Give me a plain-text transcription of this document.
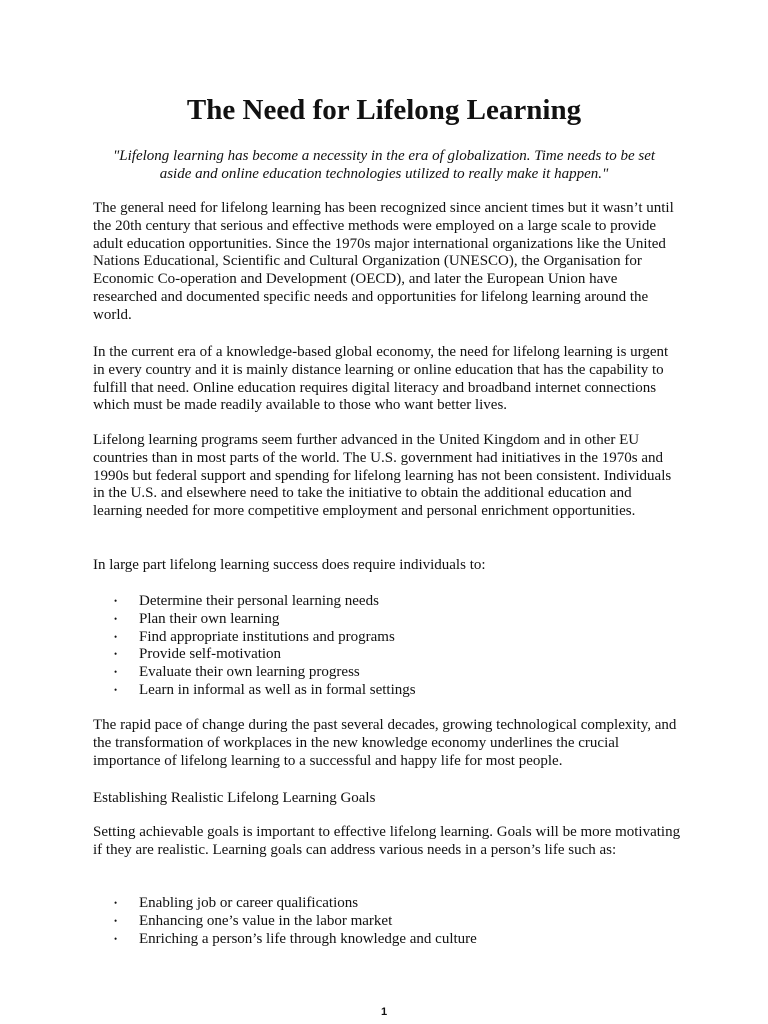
The Need for Lifelong Learning

"Lifelong learning has become a necessity in the era of globalization. Time needs to be set aside and online education technologies utilized to really make it happen."

The general need for lifelong learning has been recognized since ancient times but it wasn’t until the 20th century that serious and effective methods were employed on a large scale to provide adult education opportunities. Since the 1970s major international organizations like the United Nations Educational, Scientific and Cultural Organization (UNESCO), the Organisation for Economic Co-operation and Development (OECD), and later the European Union have researched and documented specific needs and opportunities for lifelong learning around the world.

In the current era of a knowledge-based global economy, the need for lifelong learning is urgent in every country and it is mainly distance learning or online education that has the capability to fulfill that need. Online education requires digital literacy and broadband internet connections which must be made readily available to those who want better lives.

Lifelong learning programs seem further advanced in the United Kingdom and in other EU countries than in most parts of the world. The U.S. government had initiatives in the 1970s and 1990s but federal support and spending for lifelong learning has not been consistent. Individuals in the U.S. and elsewhere need to take the initiative to obtain the additional education and learning needed for more competitive employment and personal enrichment opportunities.

In large part lifelong learning success does require individuals to:

• Determine their personal learning needs
• Plan their own learning
• Find appropriate institutions and programs
• Provide self-motivation
• Evaluate their own learning progress
• Learn in informal as well as in formal settings

The rapid pace of change during the past several decades, growing technological complexity, and the transformation of workplaces in the new knowledge economy underlines the crucial importance of lifelong learning to a successful and happy life for most people.

Establishing Realistic Lifelong Learning Goals

Setting achievable goals is important to effective lifelong learning. Goals will be more motivating if they are realistic. Learning goals can address various needs in a person’s life such as:

• Enabling job or career qualifications
• Enhancing one’s value in the labor market
• Enriching a person’s life through knowledge and culture
1
